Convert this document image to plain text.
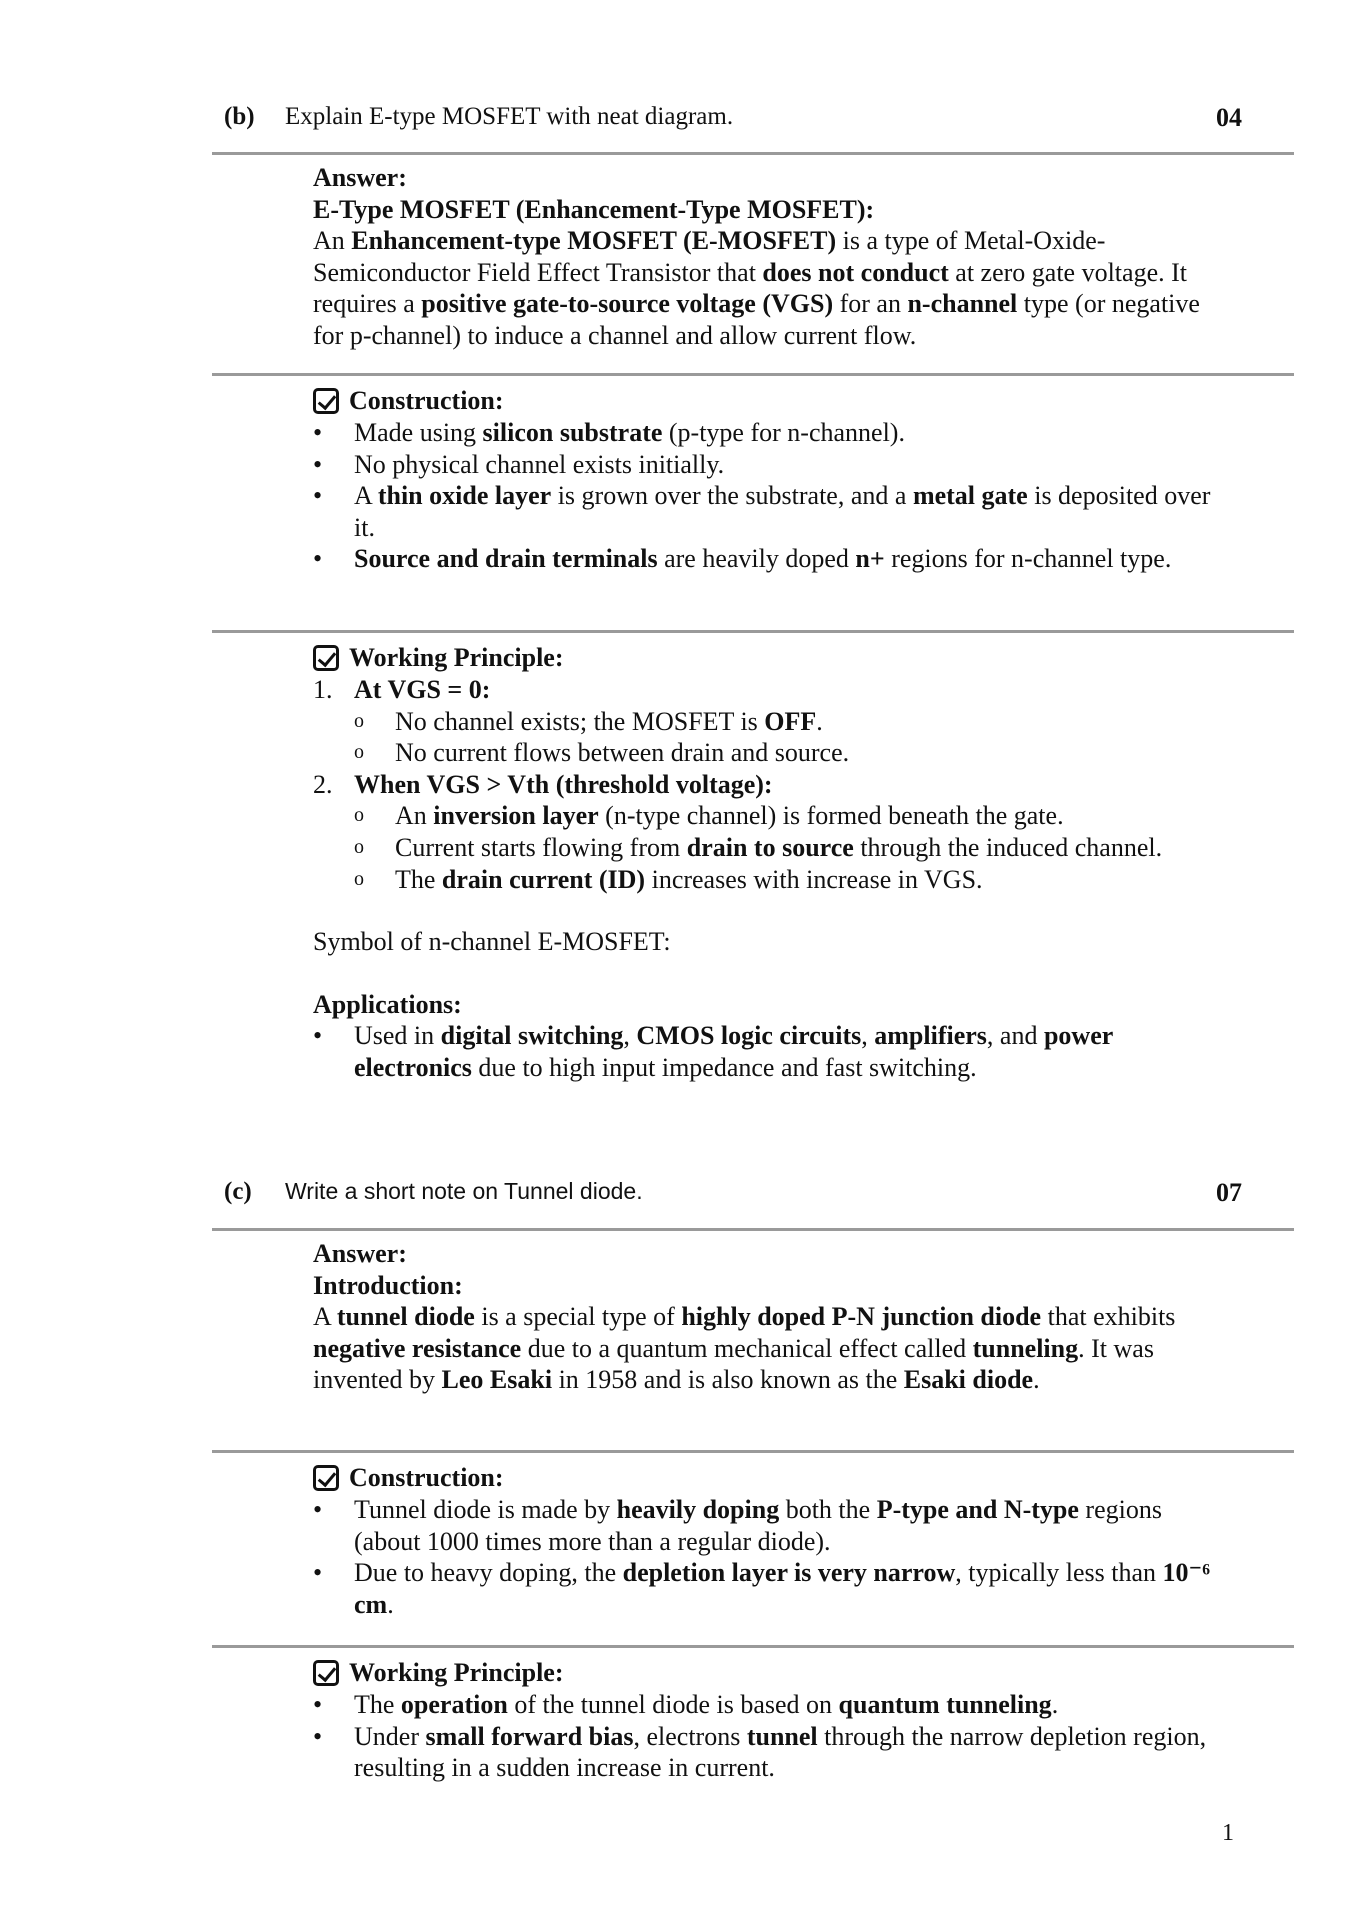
(b) Explain E-type MOSFET with neat diagram.	04

Answer:

E-Type MOSFET (Enhancement-Type MOSFET):

An Enhancement-type MOSFET (E-MOSFET) is a type of Metal-Oxide-Semiconductor Field Effect Transistor that does not conduct at zero gate voltage. It requires a positive gate-to-source voltage (VGS) for an n-channel type (or negative for p-channel) to induce a channel and allow current flow.

Construction:
• Made using silicon substrate (p-type for n-channel).
• No physical channel exists initially.
• A thin oxide layer is grown over the substrate, and a metal gate is deposited over it.
• Source and drain terminals are heavily doped n+ regions for n-channel type.
Working Principle:
1. At VGS = 0:
o No channel exists; the MOSFET is OFF.
o No current flows between drain and source.
2. When VGS > Vth (threshold voltage):
o An inversion layer (n-type channel) is formed beneath the gate.
o Current starts flowing from drain to source through the induced channel.
o The drain current (ID) increases with increase in VGS.

Symbol of n-channel E-MOSFET:

Applications:

• Used in digital switching, CMOS logic circuits, amplifiers, and power electronics due to high input impedance and fast switching.
(c) Write a short note on Tunnel diode.	07

Answer:

Introduction:

A tunnel diode is a special type of highly doped P-N junction diode that exhibits negative resistance due to a quantum mechanical effect called tunneling. It was invented by Leo Esaki in 1958 and is also known as the Esaki diode.

Construction:
• Tunnel diode is made by heavily doping both the P-type and N-type regions (about 1000 times more than a regular diode).
• Due to heavy doping, the depletion layer is very narrow, typically less than 10⁻⁶ cm.
Working Principle:
• The operation of the tunnel diode is based on quantum tunneling.
• Under small forward bias, electrons tunnel through the narrow depletion region, resulting in a sudden increase in current.
1
